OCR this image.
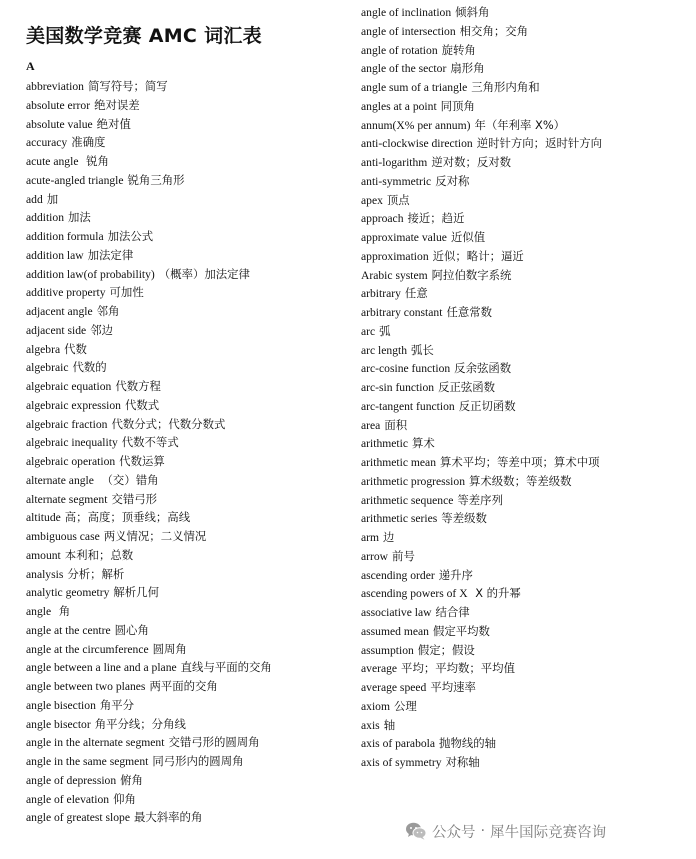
美国数学竞赛 AMC 词汇表
A
abbreviation 简写符号；简写
absolute error 绝对误差
absolute value 绝对值
accuracy 准确度
acute angle 锐角
acute-angled triangle 锐角三角形
add 加
addition 加法
addition formula 加法公式
addition law 加法定律
addition law(of probability) （概率）加法定律
additive property 可加性
adjacent angle 邻角
adjacent side 邻边
algebra 代数
algebraic 代数的
algebraic equation 代数方程
algebraic expression 代数式
algebraic fraction 代数分式；代数分数式
algebraic inequality 代数不等式
algebraic operation 代数运算
alternate angle （交）错角
alternate segment 交错弓形
altitude 高；高度；顶垂线；高线
ambiguous case 两义情况；二义情况
amount 本利和；总数
analysis 分析；解析
analytic geometry 解析几何
angle 角
angle at the centre 圆心角
angle at the circumference 圆周角
angle between a line and a plane 直线与平面的交角
angle between two planes 两平面的交角
angle bisection 角平分
angle bisector 角平分线；分角线
angle in the alternate segment 交错弓形的圆周角
angle in the same segment 同弓形内的圆周角
angle of depression 俯角
angle of elevation 仰角
angle of greatest slope 最大斜率的角
angle of inclination 倾斜角
angle of intersection 相交角；交角
angle of rotation 旋转角
angle of the sector 扇形角
angle sum of a triangle 三角形内角和
angles at a point 同顶角
annum(X% per annum) 年（年利率 X%）
anti-clockwise direction 逆时针方向；返时针方向
anti-logarithm 逆对数；反对数
anti-symmetric 反对称
apex 顶点
approach 接近；趋近
approximate value 近似值
approximation 近似；略计；逼近
Arabic system 阿拉伯数字系统
arbitrary 任意
arbitrary constant 任意常数
arc 弧
arc length 弧长
arc-cosine function 反余弦函数
arc-sin function 反正弦函数
arc-tangent function 反正切函数
area 面积
arithmetic 算术
arithmetic mean 算术平均；等差中项；算术中项
arithmetic progression 算术级数；等差级数
arithmetic sequence 等差序列
arithmetic series 等差级数
arm 边
arrow 前号
ascending order 递升序
ascending powers of X X 的升幂
associative law 结合律
assumed mean 假定平均数
assumption 假定；假设
average 平均；平均数；平均值
average speed 平均速率
axiom 公理
axis 轴
axis of parabola 抛物线的轴
axis of symmetry 对称轴
公众号 · 犀牛国际竞赛咨询
